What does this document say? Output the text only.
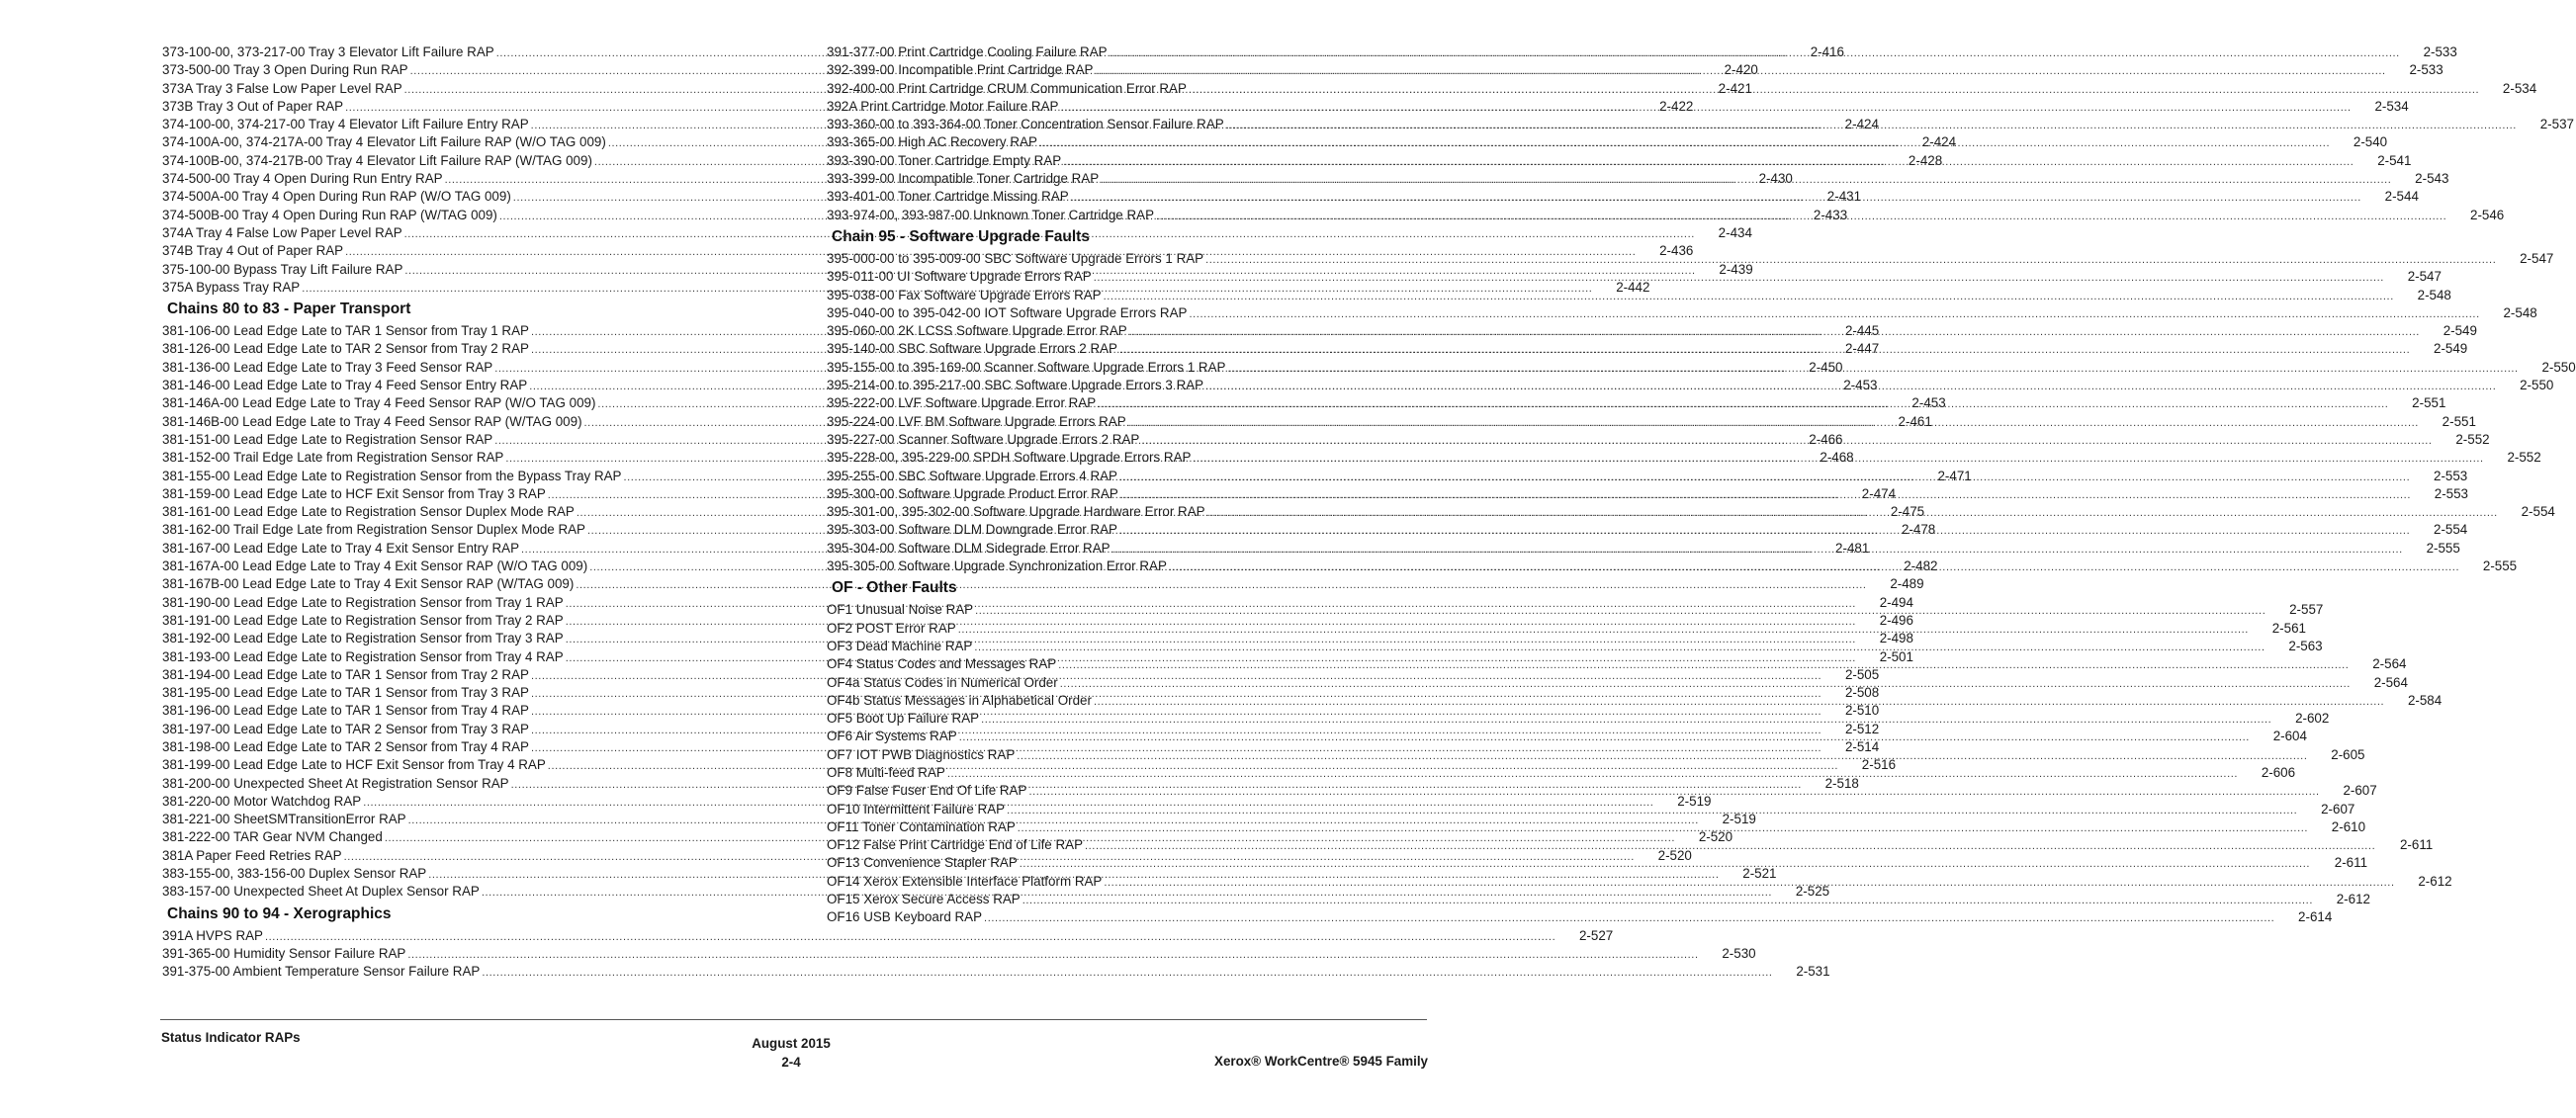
373-100-00, 373-217-00 Tray 3 Elevator Lift Failure RAP .....	2-416
373-500-00 Tray 3 Open During Run RAP .....	2-420
373A Tray 3 False Low Paper Level RAP .....	2-421
373B Tray 3 Out of Paper RAP .....	2-422
374-100-00, 374-217-00 Tray 4 Elevator Lift Failure Entry RAP .....	2-424
374-100A-00, 374-217A-00 Tray 4 Elevator Lift Failure RAP (W/O TAG 009) .....	2-424
374-100B-00, 374-217B-00 Tray 4 Elevator Lift Failure RAP (W/TAG 009) .....	2-428
374-500-00 Tray 4 Open During Run Entry RAP .....	2-430
374-500A-00 Tray 4 Open During Run RAP (W/O TAG 009) .....	2-431
374-500B-00 Tray 4 Open During Run RAP (W/TAG 009) .....	2-433
374A Tray 4 False Low Paper Level RAP .....	2-434
374B Tray 4 Out of Paper RAP .....	2-436
375-100-00 Bypass Tray Lift Failure RAP .....	2-439
375A Bypass Tray RAP .....	2-442
Chains 80 to 83 - Paper Transport
381-106-00 Lead Edge Late to TAR 1 Sensor from Tray 1 RAP .....	2-445
381-126-00 Lead Edge Late to TAR 2 Sensor from Tray 2 RAP .....	2-447
381-136-00 Lead Edge Late to Tray 3 Feed Sensor RAP .....	2-450
381-146-00 Lead Edge Late to Tray 4 Feed Sensor Entry RAP .....	2-453
381-146A-00 Lead Edge Late to Tray 4 Feed Sensor RAP (W/O TAG 009) .....	2-453
381-146B-00 Lead Edge Late to Tray 4 Feed Sensor RAP (W/TAG 009) .....	2-461
381-151-00 Lead Edge Late to Registration Sensor RAP .....	2-466
381-152-00 Trail Edge Late from Registration Sensor RAP .....	2-468
381-155-00 Lead Edge Late to Registration Sensor from the Bypass Tray RAP .....	2-471
381-159-00 Lead Edge Late to HCF Exit Sensor from Tray 3 RAP .....	2-474
381-161-00 Lead Edge Late to Registration Sensor Duplex Mode RAP .....	2-475
381-162-00 Trail Edge Late from Registration Sensor Duplex Mode RAP .....	2-478
381-167-00 Lead Edge Late to Tray 4 Exit Sensor Entry RAP .....	2-481
381-167A-00 Lead Edge Late to Tray 4 Exit Sensor RAP (W/O TAG 009) .....	2-482
381-167B-00 Lead Edge Late to Tray 4 Exit Sensor RAP (W/TAG 009) .....	2-489
381-190-00 Lead Edge Late to Registration Sensor from Tray 1 RAP .....	2-494
381-191-00 Lead Edge Late to Registration Sensor from Tray 2 RAP .....	2-496
381-192-00 Lead Edge Late to Registration Sensor from Tray 3 RAP .....	2-498
381-193-00 Lead Edge Late to Registration Sensor from Tray 4 RAP .....	2-501
381-194-00 Lead Edge Late to TAR 1 Sensor from Tray 2 RAP .....	2-505
381-195-00 Lead Edge Late to TAR 1 Sensor from Tray 3 RAP .....	2-508
381-196-00 Lead Edge Late to TAR 1 Sensor from Tray 4 RAP .....	2-510
381-197-00 Lead Edge Late to TAR 2 Sensor from Tray 3 RAP .....	2-512
381-198-00 Lead Edge Late to TAR 2 Sensor from Tray 4 RAP .....	2-514
381-199-00 Lead Edge Late to HCF Exit Sensor from Tray 4 RAP .....	2-516
381-200-00 Unexpected Sheet At Registration Sensor RAP .....	2-518
381-220-00 Motor Watchdog RAP .....	2-519
381-221-00 SheetSMTransitionError RAP .....	2-519
381-222-00 TAR Gear NVM Changed .....	2-520
381A Paper Feed Retries RAP .....	2-520
383-155-00, 383-156-00 Duplex Sensor RAP .....	2-521
383-157-00 Unexpected Sheet At Duplex Sensor RAP .....	2-525
Chains 90 to 94 - Xerographics
391A HVPS RAP .....	2-527
391-365-00 Humidity Sensor Failure RAP .....	2-530
391-375-00 Ambient Temperature Sensor Failure RAP .....	2-531
391-377-00 Print Cartridge Cooling Failure RAP .....	2-533
392-399-00 Incompatible Print Cartridge RAP .....	2-533
392-400-00 Print Cartridge CRUM Communication Error RAP .....	2-534
392A Print Cartridge Motor Failure RAP .....	2-534
393-360-00 to 393-364-00 Toner Concentration Sensor Failure RAP .....	2-537
393-365-00 High AC Recovery RAP .....	2-540
393-390-00 Toner Cartridge Empty RAP .....	2-541
393-399-00 Incompatible Toner Cartridge RAP .....	2-543
393-401-00 Toner Cartridge Missing RAP .....	2-544
393-974-00, 393-987-00 Unknown Toner Cartridge RAP .....	2-546
Chain 95 - Software Upgrade Faults
395-000-00 to 395-009-00 SBC Software Upgrade Errors 1 RAP .....	2-547
395-011-00 UI Software Upgrade Errors RAP .....	2-547
395-038-00 Fax Software Upgrade Errors RAP .....	2-548
395-040-00 to 395-042-00 IOT Software Upgrade Errors RAP .....	2-548
395-060-00 2K LCSS Software Upgrade Error RAP .....	2-549
395-140-00 SBC Software Upgrade Errors 2 RAP .....	2-549
395-155-00 to 395-169-00 Scanner Software Upgrade Errors 1 RAP .....	2-550
395-214-00 to 395-217-00 SBC Software Upgrade Errors 3 RAP .....	2-550
395-222-00 LVF Software Upgrade Error RAP .....	2-551
395-224-00 LVF BM Software Upgrade Errors RAP .....	2-551
395-227-00 Scanner Software Upgrade Errors 2 RAP .....	2-552
395-228-00, 395-229-00 SPDH Software Upgrade Errors RAP .....	2-552
395-255-00 SBC Software Upgrade Errors 4 RAP .....	2-553
395-300-00 Software Upgrade Product Error RAP .....	2-553
395-301-00, 395-302-00 Software Upgrade Hardware Error RAP .....	2-554
395-303-00 Software DLM Downgrade Error RAP .....	2-554
395-304-00 Software DLM Sidegrade Error RAP .....	2-555
395-305-00 Software Upgrade Synchronization Error RAP .....	2-555
OF - Other Faults
OF1 Unusual Noise RAP .....	2-557
OF2 POST Error RAP .....	2-561
OF3 Dead Machine RAP .....	2-563
OF4 Status Codes and Messages RAP .....	2-564
OF4a Status Codes in Numerical Order .....	2-564
OF4b Status Messages in Alphabetical Order .....	2-584
OF5 Boot Up Failure RAP .....	2-602
OF6 Air Systems RAP .....	2-604
OF7 IOT PWB Diagnostics RAP .....	2-605
OF8 Multi-feed RAP .....	2-606
OF9 False Fuser End Of Life RAP .....	2-607
OF10 Intermittent Failure RAP .....	2-607
OF11 Toner Contamination RAP .....	2-610
OF12 False Print Cartridge End of Life RAP .....	2-611
OF13 Convenience Stapler RAP .....	2-611
OF14 Xerox Extensible Interface Platform RAP .....	2-612
OF15 Xerox Secure Access RAP .....	2-612
OF16 USB Keyboard RAP .....	2-614
Status Indicator RAPs	August 2015
2-4	Xerox® WorkCentre® 5945 Family
